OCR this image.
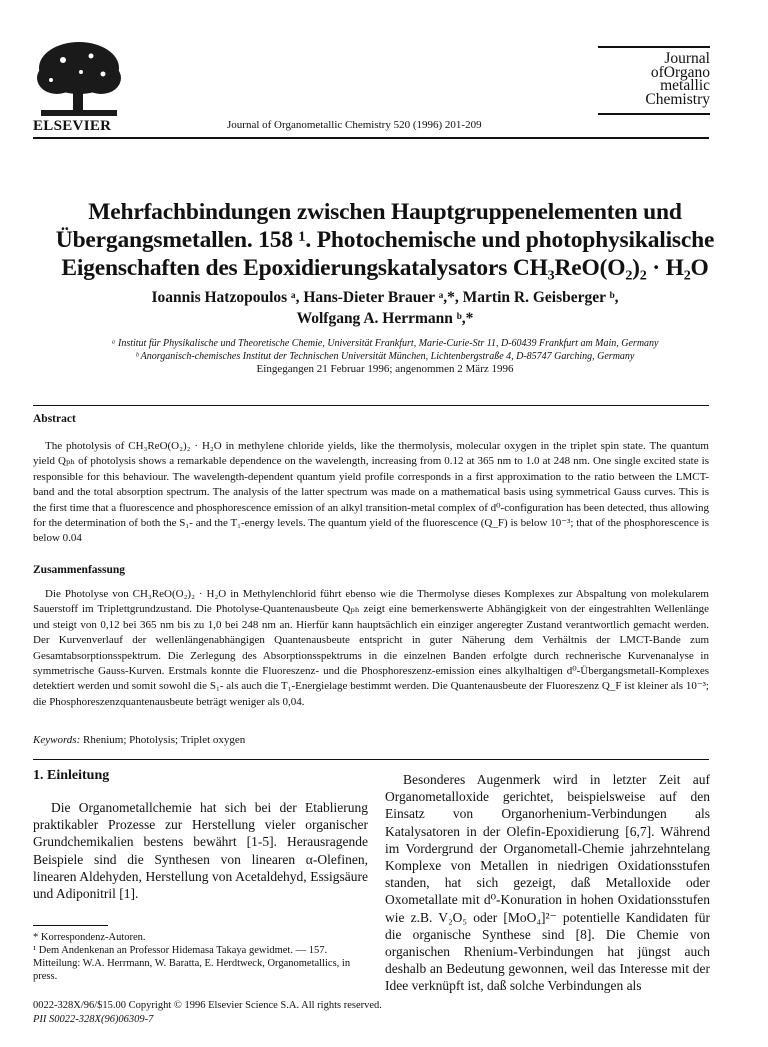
ELSEVIER	Journal of Organometallic Chemistry 520 (1996) 201-209
Journal
ofOrgano
metallic
Chemistry
Mehrfachbindungen zwischen Hauptgruppenelementen und
Übergangsmetallen. 158 ¹. Photochemische und photophysikalische
Eigenschaften des Epoxidierungskatalysators CH₃ReO(O₂)₂ · H₂O
Ioannis Hatzopoulos ᵃ, Hans-Dieter Brauer ᵃ,*, Martin R. Geisberger ᵇ,
Wolfgang A. Herrmann ᵇ,*
ᵃ Institut für Physikalische und Theoretische Chemie, Universität Frankfurt, Marie-Curie-Str 11, D-60439 Frankfurt am Main, Germany
ᵇ Anorganisch-chemisches Institut der Technischen Universität München, Lichtenbergstraße 4, D-85747 Garching, Germany
Eingegangen 21 Februar 1996; angenommen 2 März 1996
Abstract
The photolysis of CH₃ReO(O₂)₂ · H₂O in methylene chloride yields, like the thermolysis, molecular oxygen in the triplet spin state. The quantum yield Qₚₕ of photolysis shows a remarkable dependence on the wavelength, increasing from 0.12 at 365 nm to 1.0 at 248 nm. One single excited state is responsible for this behaviour. The wavelength-dependent quantum yield profile corresponds in a first approximation to the ratio between the LMCT-band and the total absorption spectrum. The analysis of the latter spectrum was made on a mathematical basis using symmetrical Gauss curves. This is the first time that a fluorescence and phosphorescence emission of an alkyl transition-metal complex of d⁰-configuration has been detected, thus allowing for the determination of both the S₁- and the T₁-energy levels. The quantum yield of the fluorescence (Q_F) is below 10⁻³; that of the phosphorescence is below 0.04
Zusammenfassung
Die Photolyse von CH₃ReO(O₂)₂ · H₂O in Methylenchlorid führt ebenso wie die Thermolyse dieses Komplexes zur Abspaltung von molekularem Sauerstoff im Triplettgrundzustand. Die Photolyse-Quantenausbeute Qₚₕ zeigt eine bemerkenswerte Abhängigkeit von der eingestrahlten Wellenlänge und steigt von 0,12 bei 365 nm bis zu 1,0 bei 248 nm an. Hierfür kann hauptsächlich ein einziger angeregter Zustand verantwortlich gemacht werden. Der Kurvenverlauf der wellenlängenabhängigen Quantenausbeute entspricht in guter Näherung dem Verhältnis der LMCT-Bande zum Gesamtabsorptionsspektrum. Die Zerlegung des Absorptionsspektrums in die einzelnen Banden erfolgte durch rechnerische Kurvenanalyse in symmetrische Gauss-Kurven. Erstmals konnte die Fluoreszenz- und die Phosphoreszenz-emission eines alkylhaltigen d⁰-Übergangsmetall-Komplexes detektiert werden und somit sowohl die S₁- als auch die T₁-Energielage bestimmt werden. Die Quantenausbeute der Fluoreszenz Q_F ist kleiner als 10⁻³; die Phosphoreszenzquantenausbeute beträgt weniger als 0,04.
Keywords: Rhenium; Photolysis; Triplet oxygen
1. Einleitung
Die Organometallchemie hat sich bei der Etablierung praktikabler Prozesse zur Herstellung vieler organischer Grundchemikalien bestens bewährt [1-5]. Herausragende Beispiele sind die Synthesen von linearen α-Olefinen, linearen Aldehyden, Herstellung von Acetaldehyd, Essigsäure und Adiponitril [1].
Besonderes Augenmerk wird in letzter Zeit auf Organometalloxide gerichtet, beispielsweise auf den Einsatz von Organorhenium-Verbindungen als Katalysatoren in der Olefin-Epoxidierung [6,7]. Während im Vordergrund der Organometall-Chemie jahrzehntelang Komplexe von Metallen in niedrigen Oxidationsstufen standen, hat sich gezeigt, daß Metalloxide oder Oxometallate mit d⁰-Konuration in hohen Oxidationsstufen wie z.B. V₂O₅ oder [MoO₄]²⁻ potentielle Kandidaten für die organische Synthese sind [8]. Die Chemie von organischen Rhenium-Verbindungen hat jüngst auch deshalb an Bedeutung gewonnen, weil das Interesse mit der Idee verknüpft ist, daß solche Verbindungen als
* Korrespondenz-Autoren.
¹ Dem Andenkenan an Professor Hidemasa Takaya gewidmet. — 157. Mitteilung: W.A. Herrmann, W. Baratta, E. Herdtweck, Organometallics, in press.
0022-328X/96/$15.00 Copyright © 1996 Elsevier Science S.A. All rights reserved.
PII S0022-328X(96)06309-7
